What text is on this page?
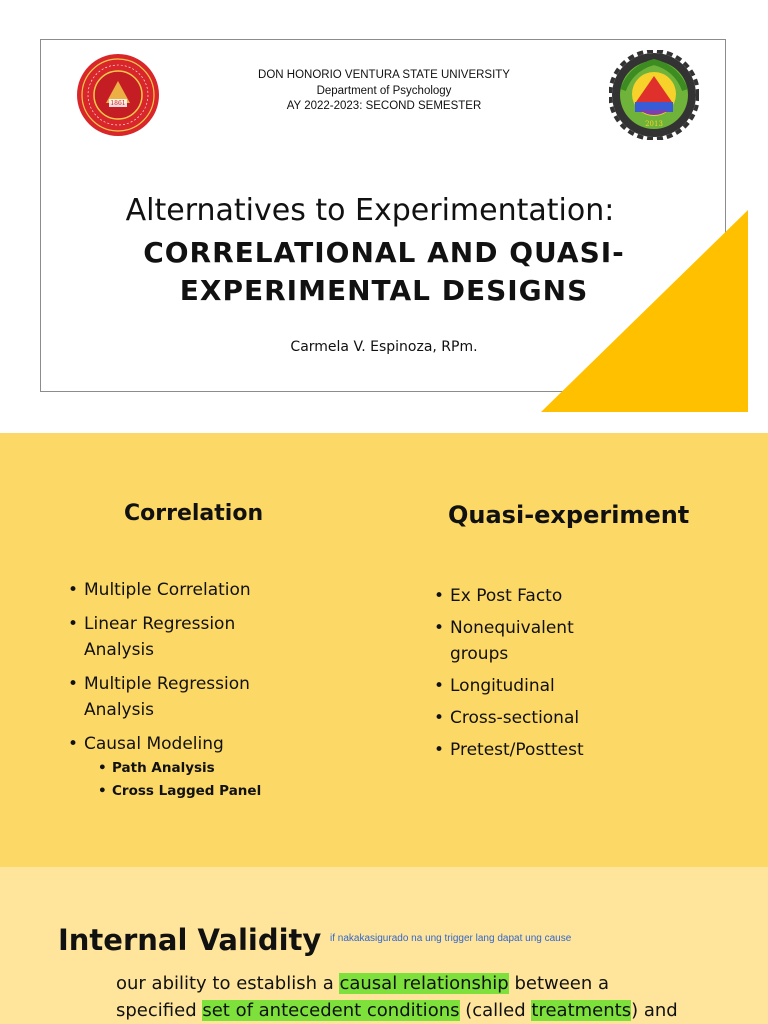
1861
2013
DON HONORIO VENTURA STATE UNIVERSITY
Department of Psychology
AY 2022-2023: SECOND SEMESTER
Alternatives to Experimentation:
CORRELATIONAL AND QUASI-
EXPERIMENTAL DESIGNS
Carmela V. Espinoza, RPm.
Correlation	Quasi-experiment
• Multiple Correlation
• Linear Regression
Analysis
• Multiple Regression
Analysis
• Causal Modeling
• Path Analysis
• Cross Lagged Panel
• Ex Post Facto
• Nonequivalent
groups
• Longitudinal
• Cross-sectional
• Pretest/Posttest
Internal Validity if nakakasigurado na ung trigger lang dapat ung cause
our ability to establish a causal relationship between a
specified set of antecedent conditions (called treatments) and
